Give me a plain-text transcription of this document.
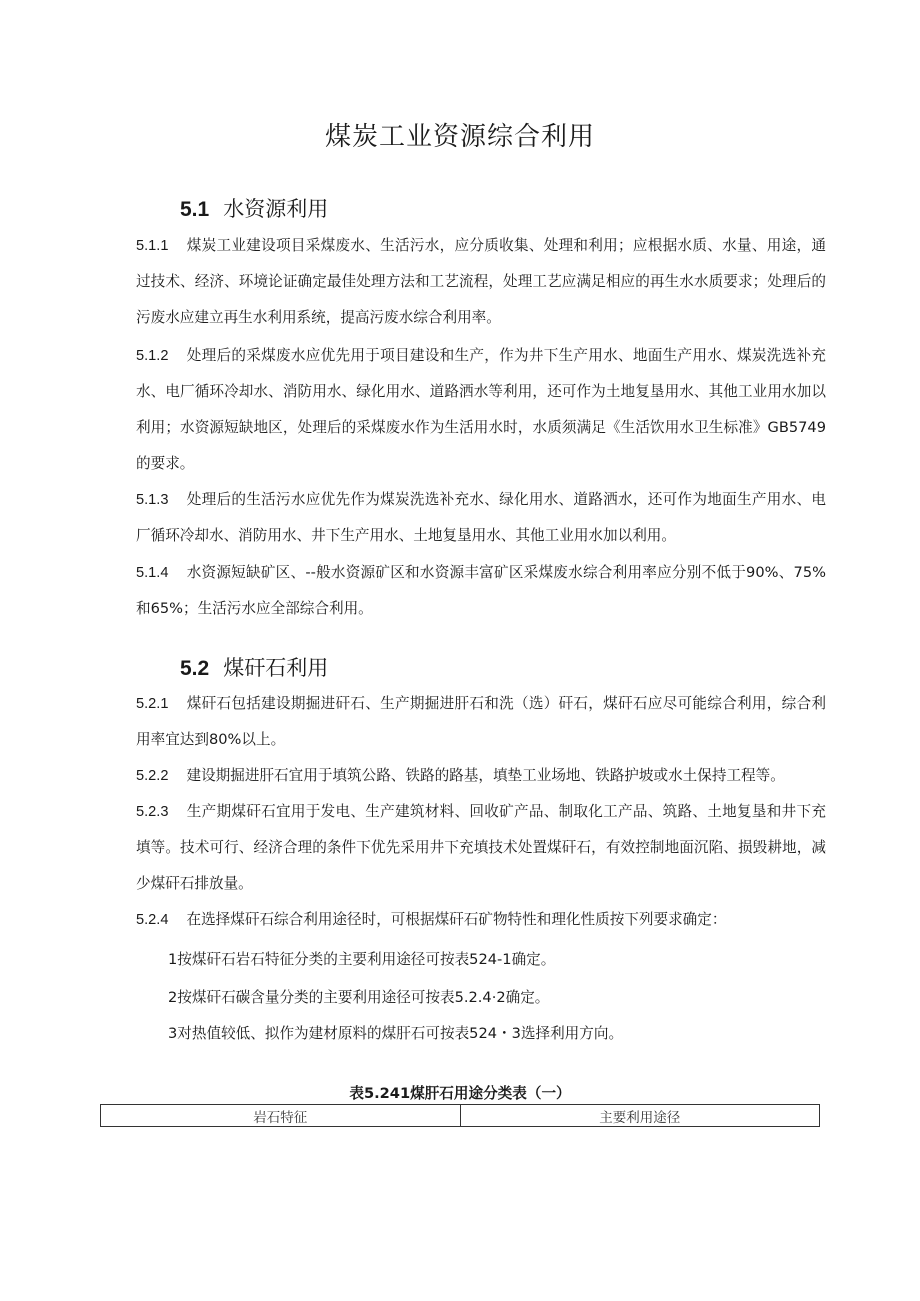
煤炭工业资源综合利用
5.1 水资源利用
5.1.1 煤炭工业建设项目采煤废水、生活污水，应分质收集、处理和利用；应根据水质、水量、用途，通过技术、经济、环境论证确定最佳处理方法和工艺流程，处理工艺应满足相应的再生水水质要求；处理后的污废水应建立再生水利用系统，提高污废水综合利用率。
5.1.2 处理后的采煤废水应优先用于项目建设和生产，作为井下生产用水、地面生产用水、煤炭洗选补充水、电厂循环冷却水、消防用水、绿化用水、道路洒水等利用，还可作为土地复垦用水、其他工业用水加以利用；水资源短缺地区，处理后的采煤废水作为生活用水时，水质须满足《生活饮用水卫生标准》GB5749的要求。
5.1.3 处理后的生活污水应优先作为煤炭洗选补充水、绿化用水、道路洒水，还可作为地面生产用水、电厂循环冷却水、消防用水、井下生产用水、土地复垦用水、其他工业用水加以利用。
5.1.4 水资源短缺矿区、--般水资源矿区和水资源丰富矿区采煤废水综合利用率应分别不低于90%、75%和65%；生活污水应全部综合利用。
5.2 煤矸石利用
5.2.1 煤矸石包括建设期掘进矸石、生产期掘进肝石和洗（选）矸石，煤矸石应尽可能综合利用，综合利用率宜达到80%以上。
5.2.2 建设期掘进肝石宜用于填筑公路、铁路的路基，填垫工业场地、铁路护坡或水土保持工程等。
5.2.3 生产期煤矸石宜用于发电、生产建筑材料、回收矿产品、制取化工产品、筑路、土地复垦和井下充填等。技术可行、经济合理的条件下优先采用井下充填技术处置煤矸石，有效控制地面沉陷、损毁耕地，减少煤矸石排放量。
5.2.4 在选择煤矸石综合利用途径时，可根据煤矸石矿物特性和理化性质按下列要求确定：
1按煤矸石岩石特征分类的主要利用途径可按表524-1确定。
2按煤矸石碳含量分类的主要利用途径可按表5.2.4·2确定。
3对热值较低、拟作为建材原料的煤肝石可按表524・3选择利用方向。
表5.241煤肝石用途分类表（一）
岩石特征	主要利用途径
